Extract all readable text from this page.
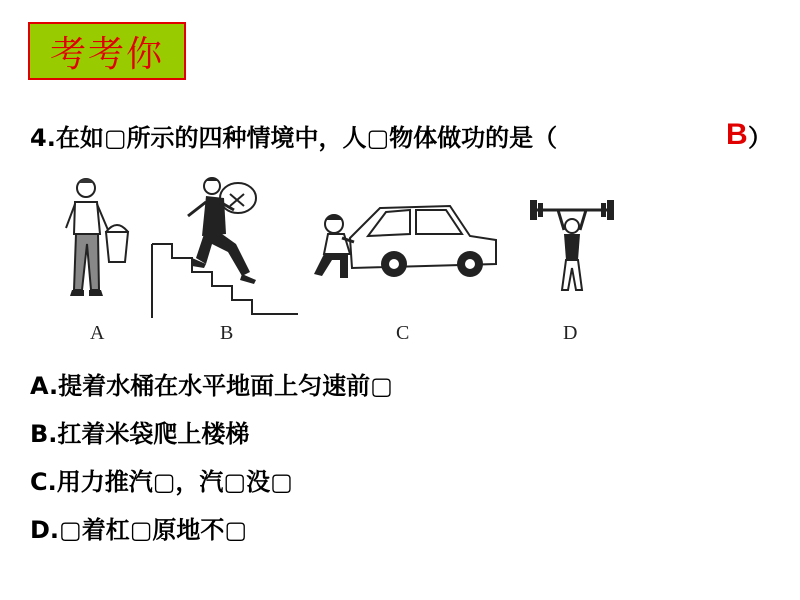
考考你
4.在如▢所示的四种情境中，人▢物体做功的是（	B ）
A	B	C	D
A.提着水桶在水平地面上匀速前▢
B.扛着米袋爬上楼梯
C.用力推汽▢，汽▢没▢
D.▢着杠▢原地不▢
